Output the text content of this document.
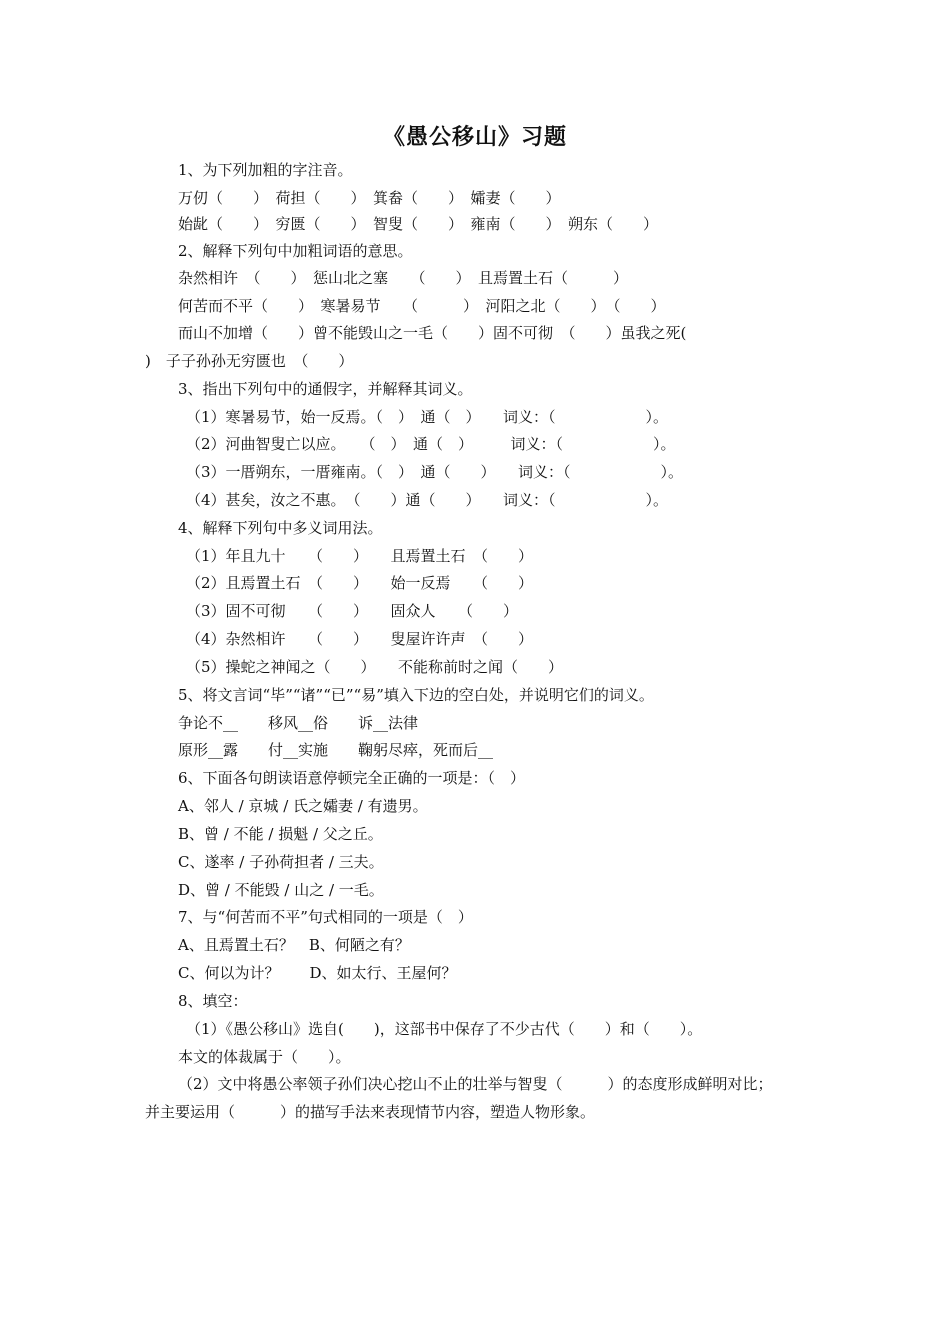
《愚公移山》习题
1、为下列加粗的字注音。
万仞（　　）　荷担（　　）　箕畚（　　）　孀妻（　　）
始龀（　　）　穷匮（　　）　智叟（　　）　雍南（　　）　朔东（　　）
2、解释下列句中加粗词语的意思。
杂然相许　（　　）　惩山北之塞　　（　　）　且焉置土石（　　　）
何苦而不平（　　）　寒暑易节　　（　　　）　河阳之北（　　）　（　　）
而山不加增（　　）曾不能毁山之一毛（　　）固不可彻　（　　）虽我之死(
)　子子孙孙无穷匮也　（　　）
3、指出下列句中的通假字，并解释其词义。
（1）寒暑易节，始一反焉。（　）　通（　）　　词义：（　　　　　　）。
（2）河曲智叟亡以应。　　（　）　通（　）　　　词义：（　　　　　　）。
（3）一厝朔东，一厝雍南。（　）　通（　　）　　词义：（　　　　　　）。
（4）甚矣，汝之不惠。　（　　）通（　　）　　词义：（　　　　　　）。
4、解释下列句中多义词用法。
（1）年且九十　　（　　）　　且焉置土石　（　　）
（2）且焉置土石　（　　）　　始一反焉　　（　　）
（3）固不可彻　　（　　）　　固众人　　（　　）
（4）杂然相许　　（　　）　　叟屋许许声　（　　）
（5）操蛇之神闻之（　　）　　不能称前时之闻（　　）
5、将文言词“毕”“诸”“已”“易”填入下边的空白处，并说明它们的词义。
争论不__　　移风__俗　　诉__法律
原形__露　　付__实施　　鞠躬尽瘁，死而后__
6、下面各句朗读语意停顿完全正确的一项是：（　）
A、邻人 / 京城 / 氏之孀妻 / 有遗男。
B、曾 / 不能 / 损魁 / 父之丘。
C、遂率 / 子孙荷担者 / 三夫。
D、曾 / 不能毁 / 山之 / 一毛。
7、与“何苦而不平”句式相同的一项是（　）
A、且焉置土石？　B、何陋之有？
C、何以为计？　　D、如太行、王屋何？
8、填空：
（1）《愚公移山》选自(　　)，这部书中保存了不少古代（　　）和（　　）。
本文的体裁属于（　　）。
（2）文中将愚公率领子孙们决心挖山不止的壮举与智叟（　　　）的态度形成鲜明对比；
并主要运用（　　　）的描写手法来表现情节内容，塑造人物形象。
